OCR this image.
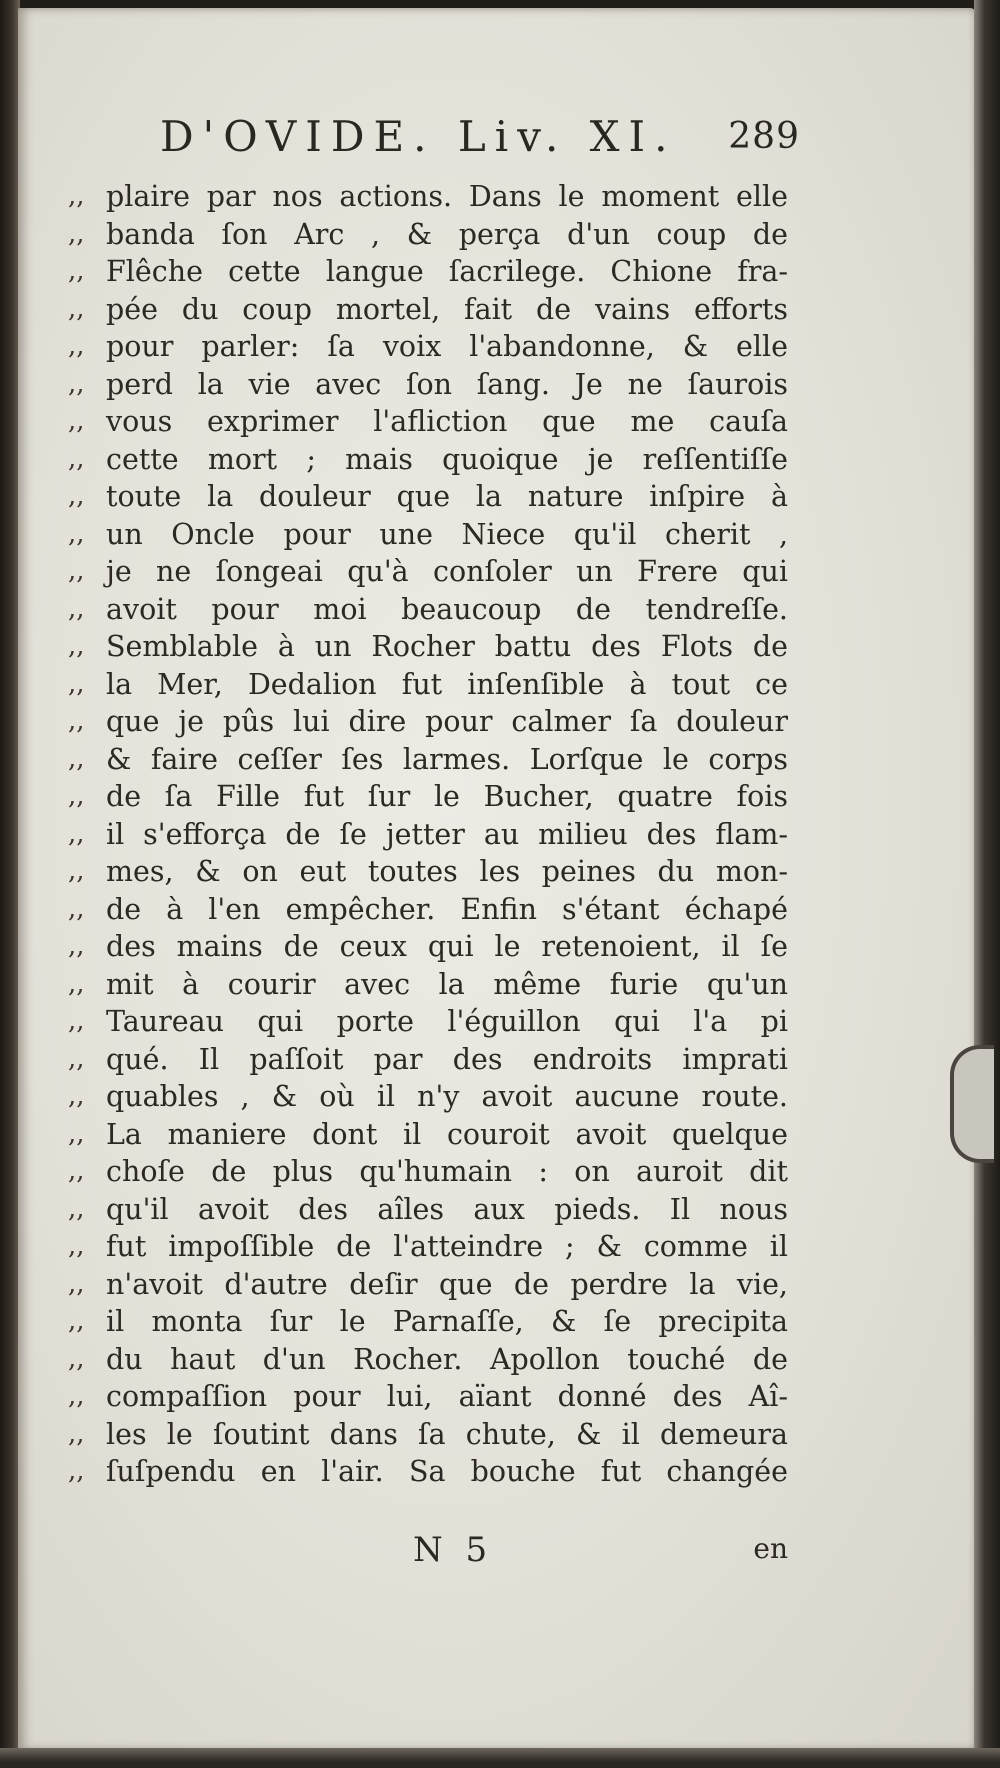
D'OVIDE. Liv. XI. 289
,, plaire par nos actions. Dans le moment elle
,, banda ſon Arc , & perça d'un coup de
,, Flêche cette langue ſacrilege. Chione fra-
,, pée du coup mortel, fait de vains efforts
,, pour parler: ſa voix l'abandonne, & elle
,, perd la vie avec ſon ſang. Je ne ſaurois
,, vous exprimer l'afliction que me cauſa
,, cette mort ; mais quoique je reſſentiſſe
,, toute la douleur que la nature inſpire à
,, un Oncle pour une Niece qu'il cherit ,
,, je ne ſongeai qu'à conſoler un Frere qui
,, avoit pour moi beaucoup de tendreſſe.
,, Semblable à un Rocher battu des Flots de
,, la Mer, Dedalion fut inſenſible à tout ce
,, que je pûs lui dire pour calmer ſa douleur
,, & faire ceſſer ſes larmes. Lorſque le corps
,, de ſa Fille fut ſur le Bucher, quatre fois
,, il s'efforça de ſe jetter au milieu des flam-
,, mes, & on eut toutes les peines du mon-
,, de à l'en empêcher. Enfin s'étant échapé
,, des mains de ceux qui le retenoient, il ſe
,, mit à courir avec la même furie qu'un
,, Taureau qui porte l'éguillon qui l'a pi
,, qué. Il paſſoit par des endroits imprati
,, quables , & où il n'y avoit aucune route.
,, La maniere dont il couroit avoit quelque
,, choſe de plus qu'humain : on auroit dit
,, qu'il avoit des aîles aux pieds. Il nous
,, fut impoſſible de l'atteindre ; & comme il
,, n'avoit d'autre deſir que de perdre la vie,
,, il monta ſur le Parnaſſe, & ſe precipita
,, du haut d'un Rocher. Apollon touché de
,, compaſſion pour lui, aïant donné des Aî-
,, les le ſoutint dans ſa chute, & il demeura
,, ſuſpendu en l'air. Sa bouche fut changée
N 5	en
